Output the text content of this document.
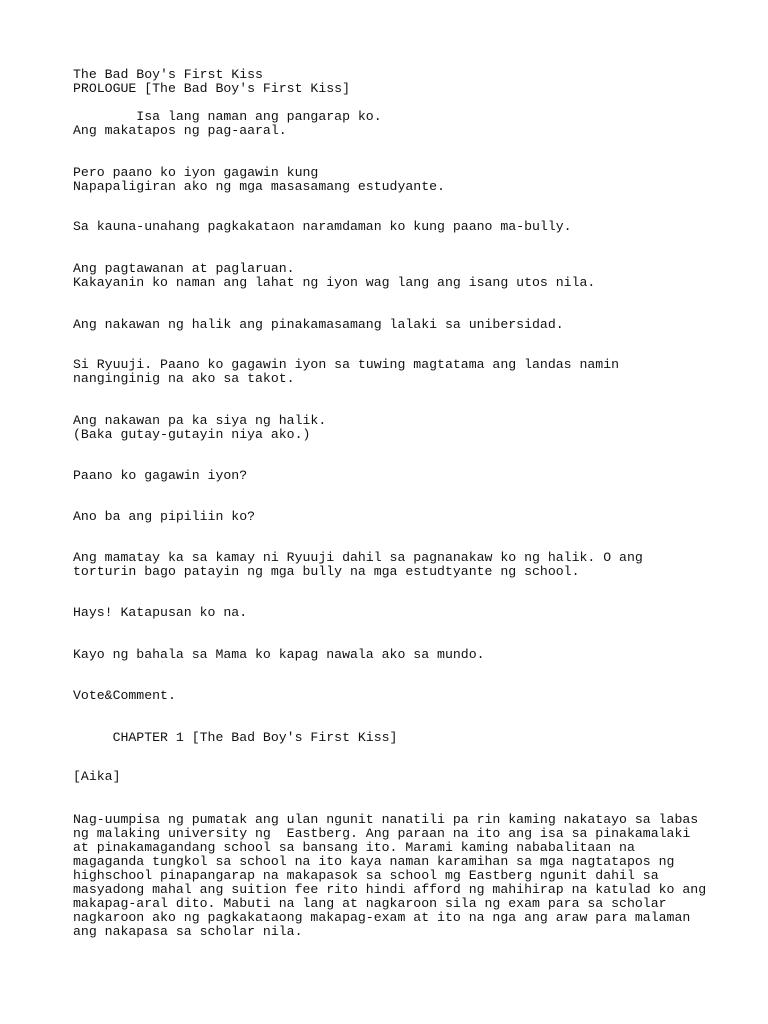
The Bad Boy's First Kiss
PROLOGUE [The Bad Boy's First Kiss]
Isa lang naman ang pangarap ko.
Ang makatapos ng pag-aaral.
Pero paano ko iyon gagawin kung
Napapaligiran ako ng mga masasamang estudyante.
Sa kauna-unahang pagkakataon naramdaman ko kung paano ma-bully.
Ang pagtawanan at paglaruan.
Kakayanin ko naman ang lahat ng iyon wag lang ang isang utos nila.
Ang nakawan ng halik ang pinakamasamang lalaki sa unibersidad.
Si Ryuuji. Paano ko gagawin iyon sa tuwing magtatama ang landas namin
nanginginig na ako sa takot.
Ang nakawan pa ka siya ng halik.
(Baka gutay-gutayin niya ako.)
Paano ko gagawin iyon?
Ano ba ang pipiliin ko?
Ang mamatay ka sa kamay ni Ryuuji dahil sa pagnanakaw ko ng halik. O ang
torturin bago patayin ng mga bully na mga estudtyante ng school.
Hays! Katapusan ko na.
Kayo ng bahala sa Mama ko kapag nawala ako sa mundo.
Vote&Comment.
CHAPTER 1 [The Bad Boy's First Kiss]
[Aika]
Nag-uumpisa ng pumatak ang ulan ngunit nanatili pa rin kaming nakatayo sa labas
ng malaking university ng  Eastberg. Ang paraan na ito ang isa sa pinakamalaki
at pinakamagandang school sa bansang ito. Marami kaming nababalitaan na
magaganda tungkol sa school na ito kaya naman karamihan sa mga nagtatapos ng
highschool pinapangarap na makapasok sa school mg Eastberg ngunit dahil sa
masyadong mahal ang suition fee rito hindi afford ng mahihirap na katulad ko ang
makapag-aral dito. Mabuti na lang at nagkaroon sila ng exam para sa scholar
nagkaroon ako ng pagkakataong makapag-exam at ito na nga ang araw para malaman
ang nakapasa sa scholar nila.
